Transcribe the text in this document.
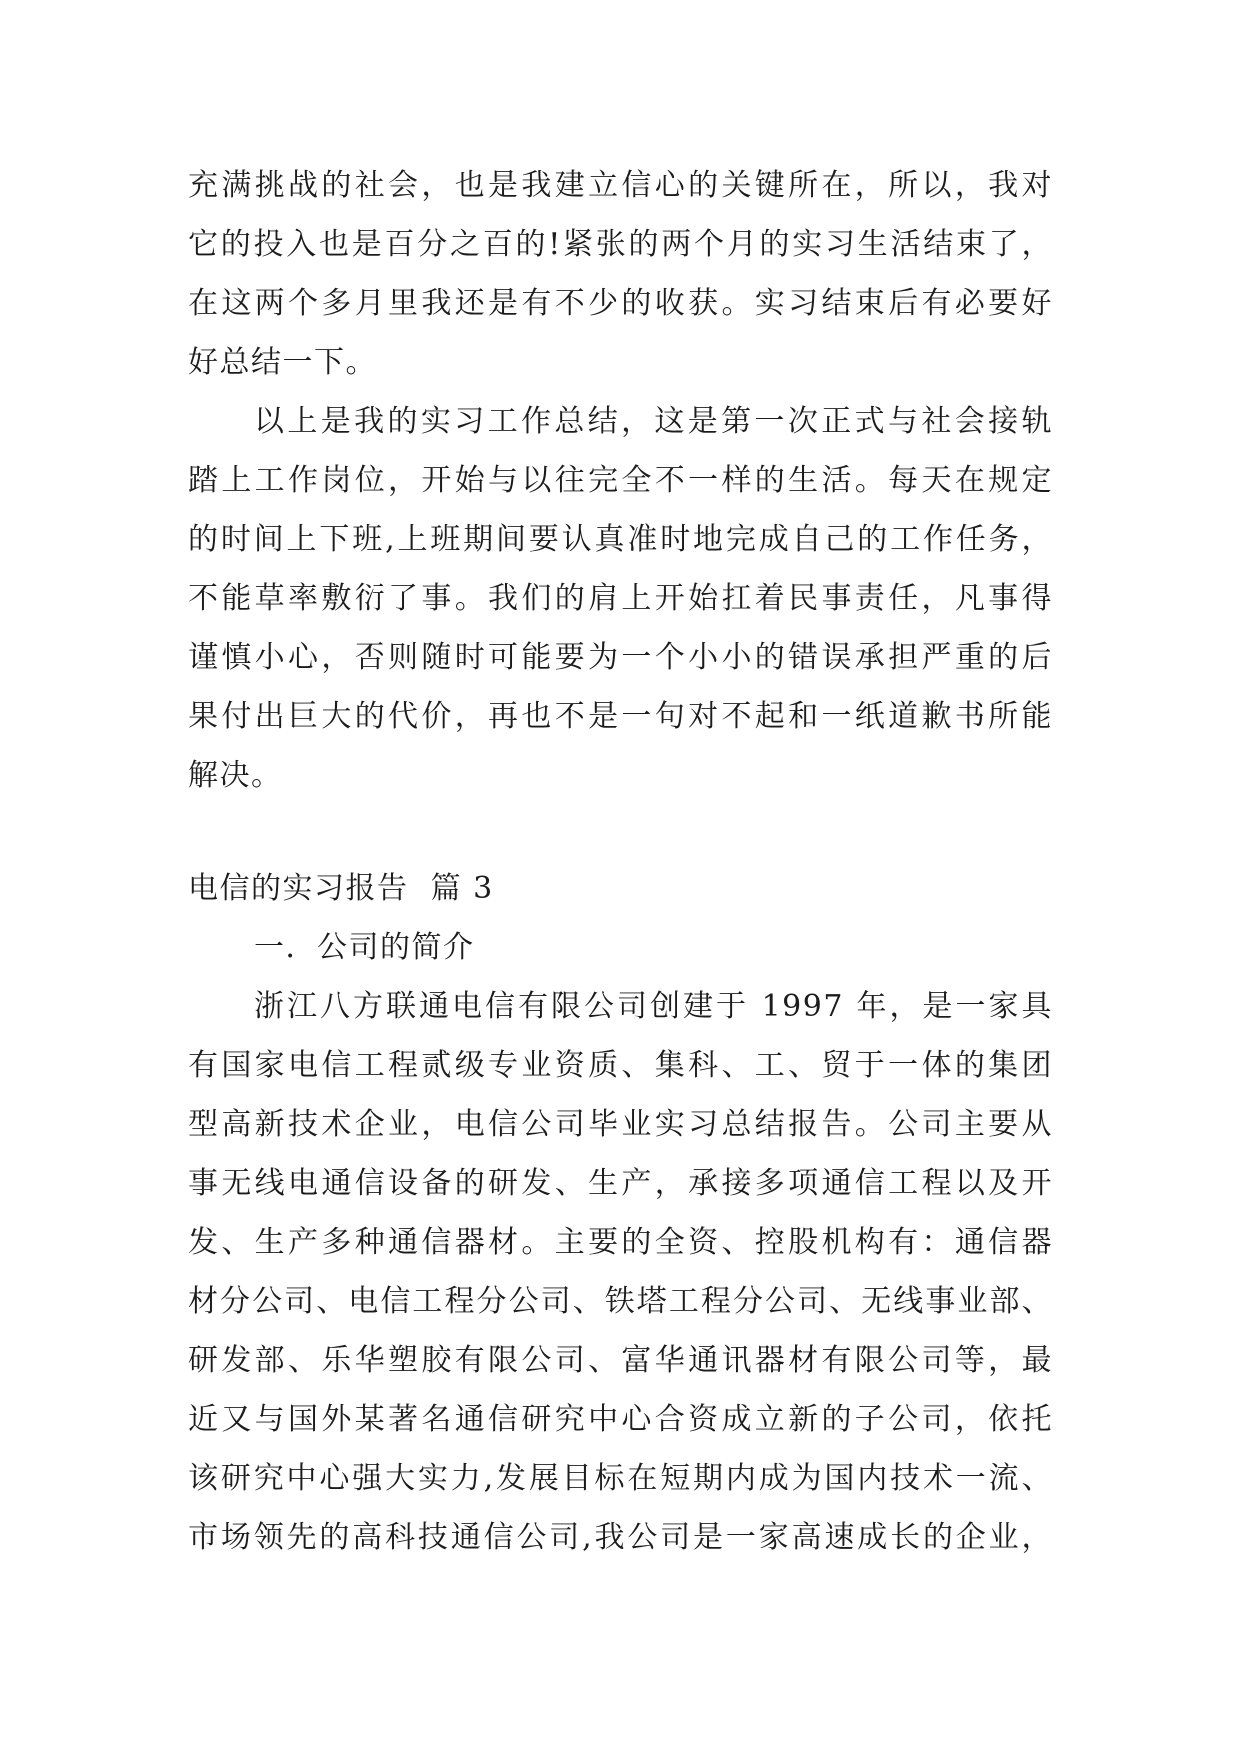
充满挑战的社会，也是我建立信心的关键所在，所以，我对
它的投入也是百分之百的!紧张的两个月的实习生活结束了，
在这两个多月里我还是有不少的收获。实习结束后有必要好
好总结一下。
以上是我的实习工作总结，这是第一次正式与社会接轨
踏上工作岗位，开始与以往完全不一样的生活。每天在规定
的时间上下班,上班期间要认真准时地完成自己的工作任务，
不能草率敷衍了事。我们的肩上开始扛着民事责任，凡事得
谨慎小心，否则随时可能要为一个小小的错误承担严重的后
果付出巨大的代价，再也不是一句对不起和一纸道歉书所能
解决。
电信的实习报告  篇 3
一．公司的简介
浙江八方联通电信有限公司创建于 1997 年，是一家具
有国家电信工程贰级专业资质、集科、工、贸于一体的集团
型高新技术企业，电信公司毕业实习总结报告。公司主要从
事无线电通信设备的研发、生产，承接多项通信工程以及开
发、生产多种通信器材。主要的全资、控股机构有：通信器
材分公司、电信工程分公司、铁塔工程分公司、无线事业部、
研发部、乐华塑胶有限公司、富华通讯器材有限公司等，最
近又与国外某著名通信研究中心合资成立新的子公司，依托
该研究中心强大实力,发展目标在短期内成为国内技术一流、
市场领先的高科技通信公司,我公司是一家高速成长的企业，
